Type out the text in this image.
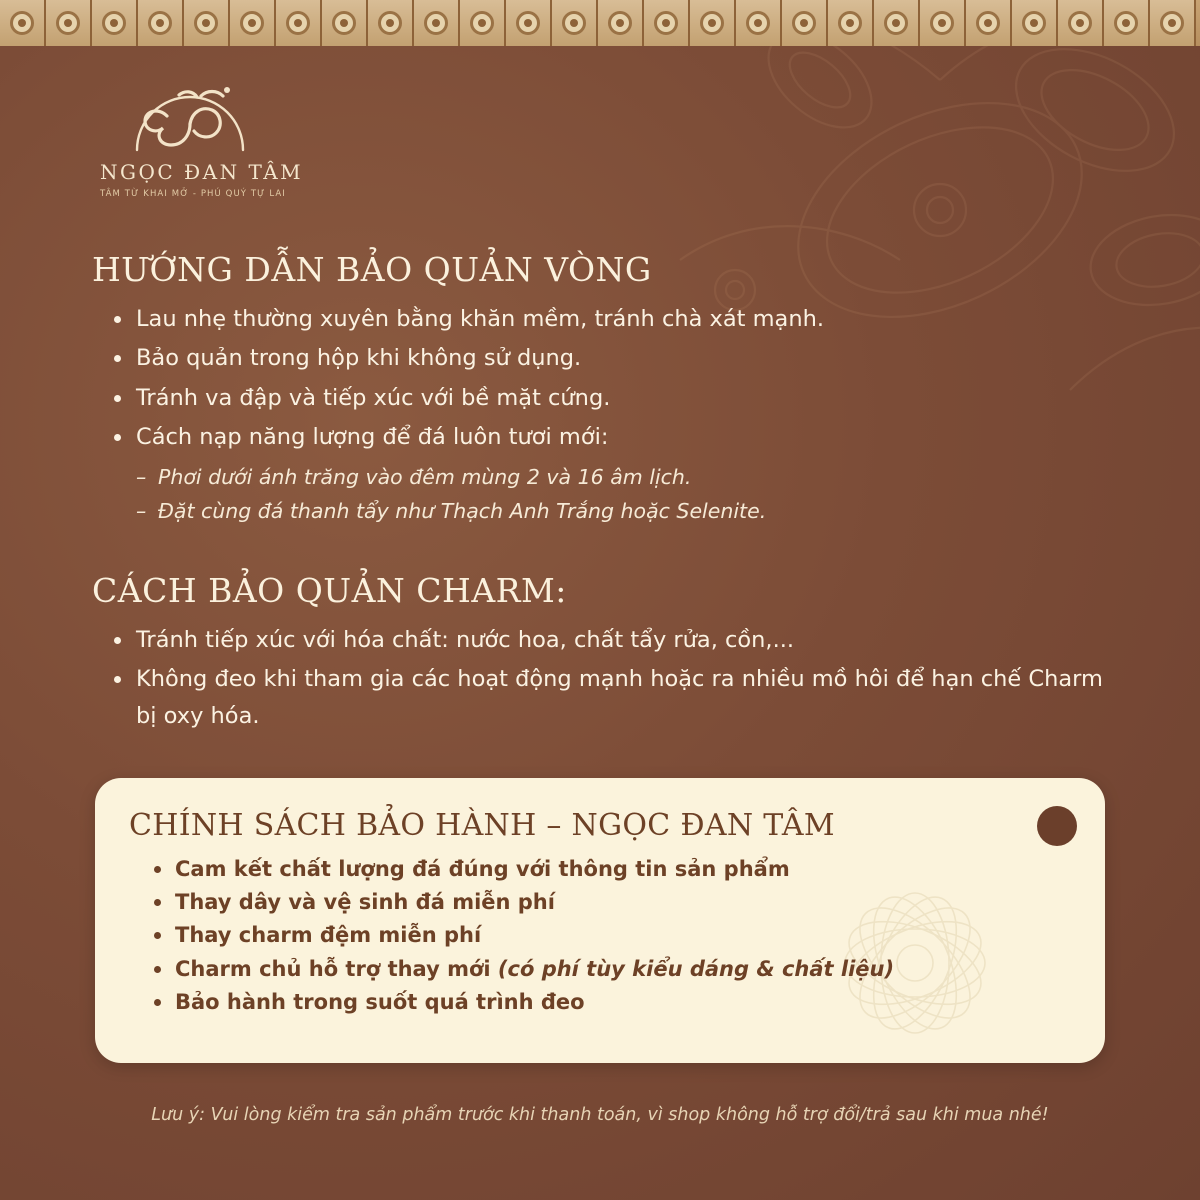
NGỌC ĐAN TÂM
TÂM TỪ KHAI MỞ - PHÚ QUÝ TỰ LAI
HƯỚNG DẪN BẢO QUẢN VÒNG
Lau nhẹ thường xuyên bằng khăn mềm, tránh chà xát mạnh.
Bảo quản trong hộp khi không sử dụng.
Tránh va đập và tiếp xúc với bề mặt cứng.
Cách nạp năng lượng để đá luôn tươi mới:
– Phơi dưới ánh trăng vào đêm mùng 2 và 16 âm lịch.
– Đặt cùng đá thanh tẩy như Thạch Anh Trắng hoặc Selenite.
CÁCH BẢO QUẢN CHARM:
Tránh tiếp xúc với hóa chất: nước hoa, chất tẩy rửa, cồn,...
Không đeo khi tham gia các hoạt động mạnh hoặc ra nhiều mồ hôi để hạn chế Charm bị oxy hóa.
CHÍNH SÁCH BẢO HÀNH – NGỌC ĐAN TÂM
Cam kết chất lượng đá đúng với thông tin sản phẩm
Thay dây và vệ sinh đá miễn phí
Thay charm đệm miễn phí
Charm chủ hỗ trợ thay mới (có phí tùy kiểu dáng & chất liệu)
Bảo hành trong suốt quá trình đeo
Lưu ý: Vui lòng kiểm tra sản phẩm trước khi thanh toán, vì shop không hỗ trợ đổi/trả sau khi mua nhé!
